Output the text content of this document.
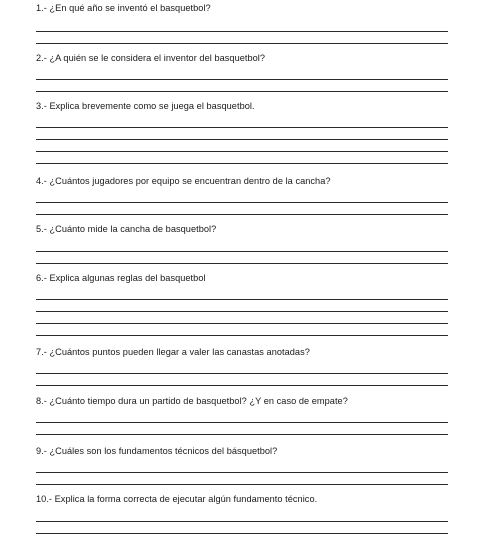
1.- ¿En qué año se inventó el basquetbol?
2.- ¿A quién se le considera el inventor del basquetbol?
3.- Explica brevemente como se juega el basquetbol.
4.- ¿Cuántos jugadores por equipo se encuentran dentro de la cancha?
5.- ¿Cuánto mide la cancha de basquetbol?
6.- Explica algunas reglas del basquetbol
7.- ¿Cuántos puntos pueden llegar a valer las canastas anotadas?
8.- ¿Cuánto tiempo dura un partido de basquetbol? ¿Y en caso de empate?
9.- ¿Cuáles son los fundamentos técnicos del básquetbol?
10.- Explica la forma correcta de ejecutar algún fundamento técnico.
